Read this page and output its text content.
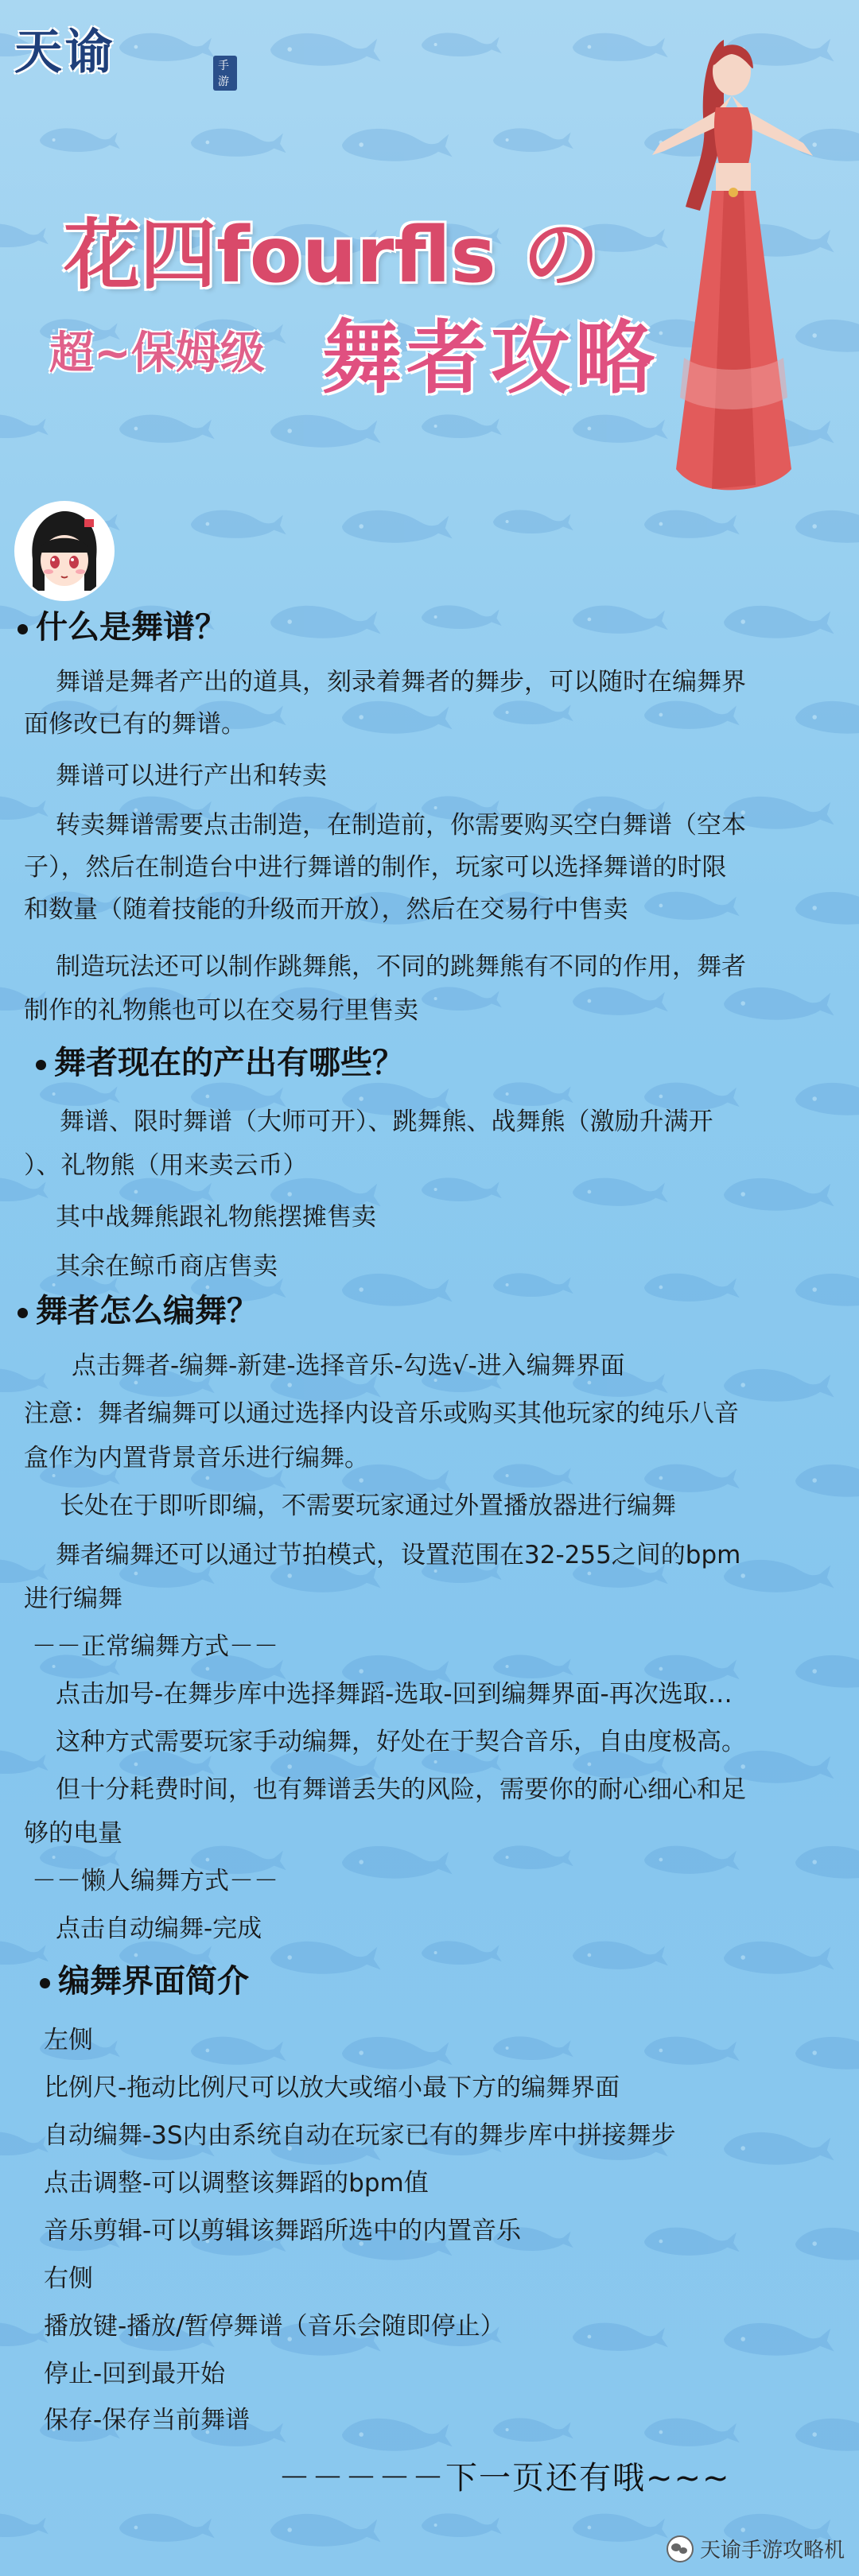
天谕	手游
花四fourfls の
超~保姆级 舞者攻略
什么是舞谱？
舞谱是舞者产出的道具，刻录着舞者的舞步，可以随时在编舞界
面修改已有的舞谱。
舞谱可以进行产出和转卖
转卖舞谱需要点击制造，在制造前，你需要购买空白舞谱（空本
子），然后在制造台中进行舞谱的制作，玩家可以选择舞谱的时限
和数量（随着技能的升级而开放），然后在交易行中售卖
制造玩法还可以制作跳舞熊，不同的跳舞熊有不同的作用，舞者
制作的礼物熊也可以在交易行里售卖
舞者现在的产出有哪些？
舞谱、限时舞谱（大师可开）、跳舞熊、战舞熊（激励升满开
）、礼物熊（用来卖云币）
其中战舞熊跟礼物熊摆摊售卖
其余在鲸币商店售卖
舞者怎么编舞？
点击舞者-编舞-新建-选择音乐-勾选√-进入编舞界面
注意：舞者编舞可以通过选择内设音乐或购买其他玩家的纯乐八音
盒作为内置背景音乐进行编舞。
长处在于即听即编，不需要玩家通过外置播放器进行编舞
舞者编舞还可以通过节拍模式，设置范围在32-255之间的bpm
进行编舞
－－正常编舞方式－－
点击加号-在舞步库中选择舞蹈-选取-回到编舞界面-再次选取…
这种方式需要玩家手动编舞，好处在于契合音乐，自由度极高。
但十分耗费时间，也有舞谱丢失的风险，需要你的耐心细心和足
够的电量
－－懒人编舞方式－－
点击自动编舞-完成
编舞界面简介
左侧
比例尺-拖动比例尺可以放大或缩小最下方的编舞界面
自动编舞-3S内由系统自动在玩家已有的舞步库中拼接舞步
点击调整-可以调整该舞蹈的bpm值
音乐剪辑-可以剪辑该舞蹈所选中的内置音乐
右侧
播放键-播放/暂停舞谱（音乐会随即停止）
停止-回到最开始
保存-保存当前舞谱
－－－－－下一页还有哦~~~
天谕手游攻略机
